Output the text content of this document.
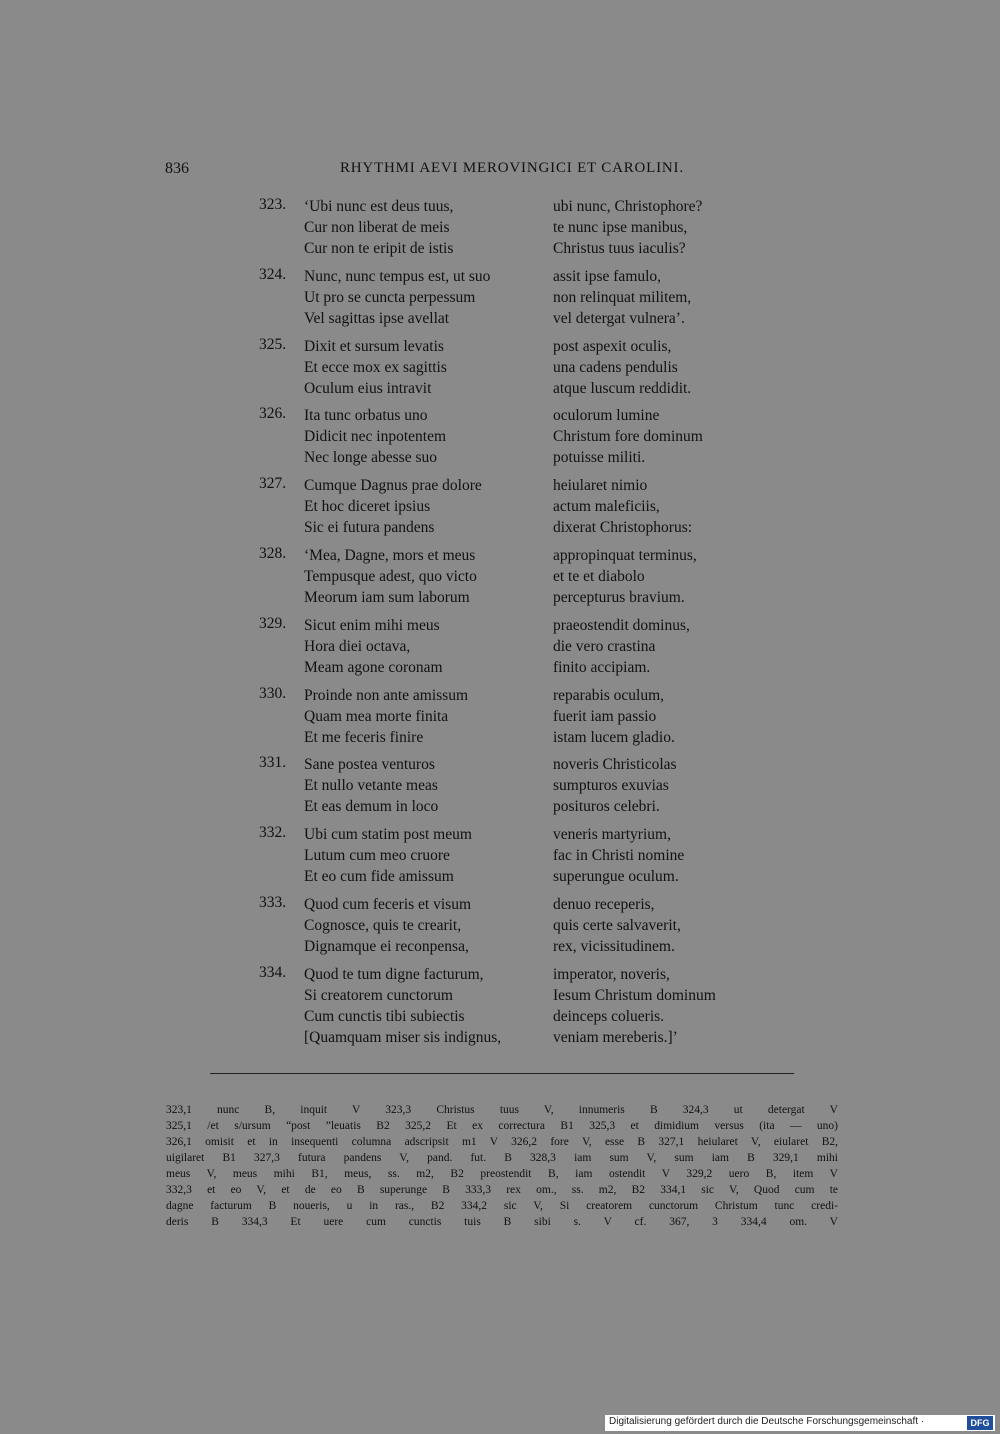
836	RHYTHMI AEVI MEROVINGICI ET CAROLINI.
323. ‘Ubi nunc est deus tuus,	ubi nunc, Christophore?
Cur non liberat de meis	te nunc ipse manibus,
Cur non te eripit de istis	Christus tuus iaculis?
324. Nunc, nunc tempus est, ut suo	assit ipse famulo,
Ut pro se cuncta perpessum	non relinquat militem,
Vel sagittas ipse avellat	vel detergat vulnera’.
325. Dixit et sursum levatis	post aspexit oculis,
Et ecce mox ex sagittis	una cadens pendulis
Oculum eius intravit	atque luscum reddidit.
326. Ita tunc orbatus uno	oculorum lumine
Didicit nec inpotentem	Christum fore dominum
Nec longe abesse suo	potuisse militi.
327. Cumque Dagnus prae dolore	heiularet nimio
Et hoc diceret ipsius	actum maleficiis,
Sic ei futura pandens	dixerat Christophorus:
328. ‘Mea, Dagne, mors et meus	appropinquat terminus,
Tempusque adest, quo victo	et te et diabolo
Meorum iam sum laborum	percepturus bravium.
329. Sicut enim mihi meus	praeostendit dominus,
Hora diei octava,	die vero crastina
Meam agone coronam	finito accipiam.
330. Proinde non ante amissum	reparabis oculum,
Quam mea morte finita	fuerit iam passio
Et me feceris finire	istam lucem gladio.
331. Sane postea venturos	noveris Christicolas
Et nullo vetante meas	sumpturos exuvias
Et eas demum in loco	posituros celebri.
332. Ubi cum statim post meum	veneris martyrium,
Lutum cum meo cruore	fac in Christi nomine
Et eo cum fide amissum	superungue oculum.
333. Quod cum feceris et visum	denuo receperis,
Cognosce, quis te crearit,	quis certe salvaverit,
Dignamque ei reconpensa,	rex, vicissitudinem.
334. Quod te tum digne facturum,	imperator, noveris,
Si creatorem cunctorum	Iesum Christum dominum
Cum cunctis tibi subiectis	deinceps colueris.
[Quamquam miser sis indignus,	veniam mereberis.]’
323,1 nunc B, inquit V 323,3 Christus tuus V, innumeris B 324,3 ut detergat V
325,1 /et s/ursum “post ”leuatis B2 325,2 Et ex correctura B1 325,3 et dimidium versus (ita — uno)
326,1 omisit et in insequenti columna adscripsit m1 V 326,2 fore V, esse B 327,1 heiularet V, eiularet B2,
uigilaret B1 327,3 futura pandens V, pand. fut. B 328,3 iam sum V, sum iam B 329,1 mihi
meus V, meus mihi B1, meus, ss. m2, B2 preostendit B, iam ostendit V 329,2 uero B, item V
332,3 et eo V, et de eo B superunge B 333,3 rex om., ss. m2, B2 334,1 sic V, Quod cum te
dagne facturum B noueris, u in ras., B2 334,2 sic V, Si creatorem cunctorum Christum tunc credi-
deris B 334,3 Et uere cum cunctis tuis B sibi s. V cf. 367, 3 334,4 om. V
Digitalisierung gefördert durch die Deutsche Forschungsgemeinschaft ·	DFG
